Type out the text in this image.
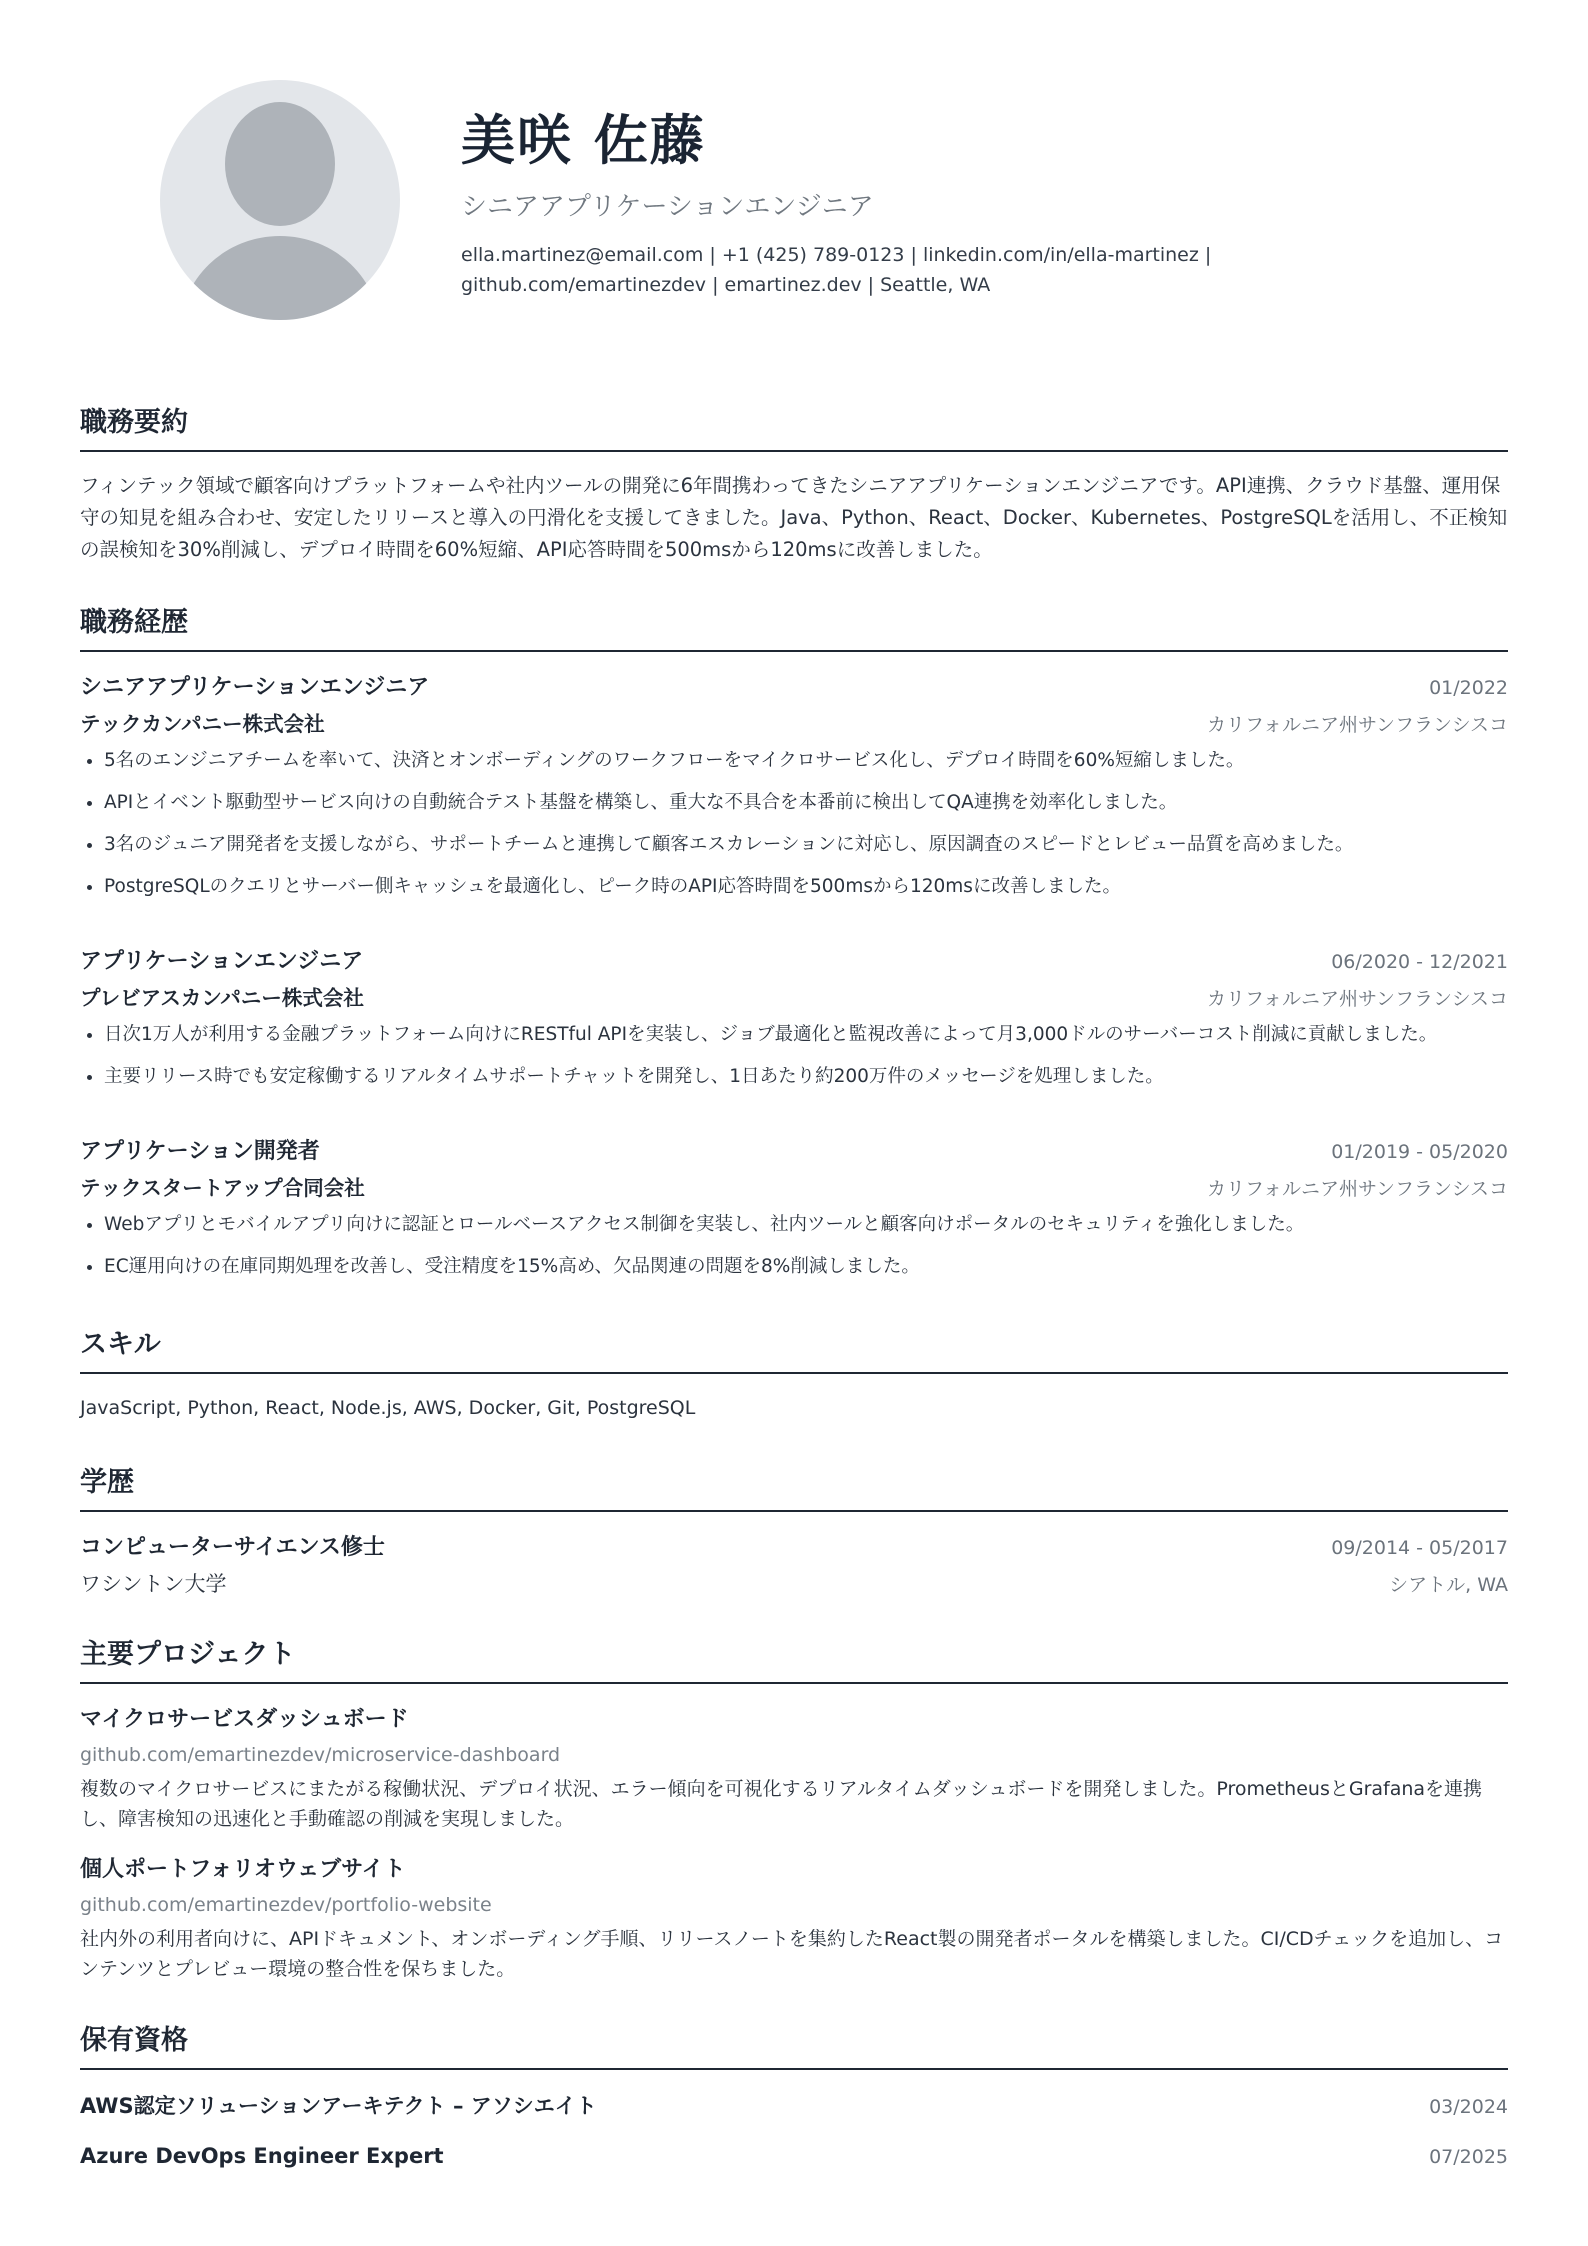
美咲 佐藤
シニアアプリケーションエンジニア
ella.martinez@email.com | +1 (425) 789-0123 | linkedin.com/in/ella-martinez | github.com/emartinezdev | emartinez.dev | Seattle, WA
職務要約

フィンテック領域で顧客向けプラットフォームや社内ツールの開発に6年間携わってきたシニアアプリケーションエンジニアです。API連携、クラウド基盤、運用保守の知見を組み合わせ、安定したリリースと導入の円滑化を支援してきました。Java、Python、React、Docker、Kubernetes、PostgreSQLを活用し、不正検知の誤検知を30%削減し、デプロイ時間を60%短縮、API応答時間を500msから120msに改善しました。

職務経歴
シニアアプリケーションエンジニア	01/2022
テックカンパニー株式会社	カリフォルニア州サンフランシスコ
• 5名のエンジニアチームを率いて、決済とオンボーディングのワークフローをマイクロサービス化し、デプロイ時間を60%短縮しました。
• APIとイベント駆動型サービス向けの自動統合テスト基盤を構築し、重大な不具合を本番前に検出してQA連携を効率化しました。
• 3名のジュニア開発者を支援しながら、サポートチームと連携して顧客エスカレーションに対応し、原因調査のスピードとレビュー品質を高めました。
• PostgreSQLのクエリとサーバー側キャッシュを最適化し、ピーク時のAPI応答時間を500msから120msに改善しました。
アプリケーションエンジニア	06/2020 - 12/2021
プレビアスカンパニー株式会社	カリフォルニア州サンフランシスコ
• 日次1万人が利用する金融プラットフォーム向けにRESTful APIを実装し、ジョブ最適化と監視改善によって月3,000ドルのサーバーコスト削減に貢献しました。
• 主要リリース時でも安定稼働するリアルタイムサポートチャットを開発し、1日あたり約200万件のメッセージを処理しました。
アプリケーション開発者	01/2019 - 05/2020
テックスタートアップ合同会社	カリフォルニア州サンフランシスコ
• Webアプリとモバイルアプリ向けに認証とロールベースアクセス制御を実装し、社内ツールと顧客向けポータルのセキュリティを強化しました。
• EC運用向けの在庫同期処理を改善し、受注精度を15%高め、欠品関連の問題を8%削減しました。
スキル

JavaScript, Python, React, Node.js, AWS, Docker, Git, PostgreSQL

学歴
コンピューターサイエンス修士	09/2014 - 05/2017
ワシントン大学	シアトル, WA
主要プロジェクト
マイクロサービスダッシュボード
github.com/emartinezdev/microservice-dashboard

複数のマイクロサービスにまたがる稼働状況、デプロイ状況、エラー傾向を可視化するリアルタイムダッシュボードを開発しました。PrometheusとGrafanaを連携し、障害検知の迅速化と手動確認の削減を実現しました。

個人ポートフォリオウェブサイト
github.com/emartinezdev/portfolio-website

社内外の利用者向けに、APIドキュメント、オンボーディング手順、リリースノートを集約したReact製の開発者ポータルを構築しました。CI/CDチェックを追加し、コンテンツとプレビュー環境の整合性を保ちました。

保有資格
AWS認定ソリューションアーキテクト – アソシエイト	03/2024
Azure DevOps Engineer Expert	07/2025
